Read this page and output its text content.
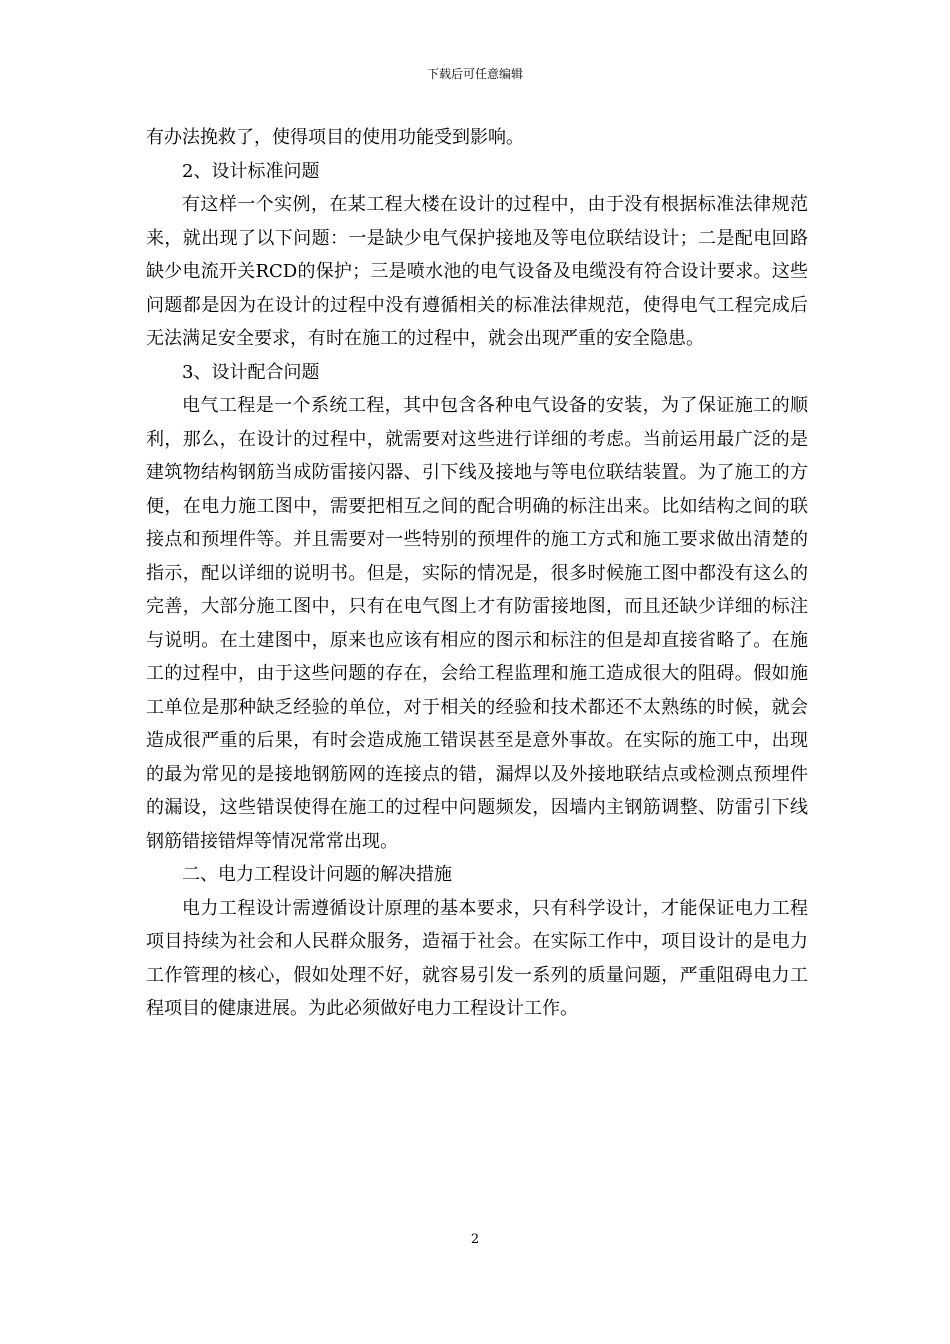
下载后可任意编辑

有办法挽救了，使得项目的使用功能受到影响。

2、设计标准问题

有这样一个实例，在某工程大楼在设计的过程中，由于没有根据标准法律规范来，就出现了以下问题：一是缺少电气保护接地及等电位联结设计；二是配电回路缺少电流开关RCD的保护；三是喷水池的电气设备及电缆没有符合设计要求。这些问题都是因为在设计的过程中没有遵循相关的标准法律规范，使得电气工程完成后无法满足安全要求，有时在施工的过程中，就会出现严重的安全隐患。

3、设计配合问题

电气工程是一个系统工程，其中包含各种电气设备的安装，为了保证施工的顺利，那么，在设计的过程中，就需要对这些进行详细的考虑。当前运用最广泛的是建筑物结构钢筋当成防雷接闪器、引下线及接地与等电位联结装置。为了施工的方便，在电力施工图中，需要把相互之间的配合明确的标注出来。比如结构之间的联接点和预埋件等。并且需要对一些特别的预埋件的施工方式和施工要求做出清楚的指示，配以详细的说明书。但是，实际的情况是，很多时候施工图中都没有这么的完善，大部分施工图中，只有在电气图上才有防雷接地图，而且还缺少详细的标注与说明。在土建图中，原来也应该有相应的图示和标注的但是却直接省略了。在施工的过程中，由于这些问题的存在，会给工程监理和施工造成很大的阻碍。假如施工单位是那种缺乏经验的单位，对于相关的经验和技术都还不太熟练的时候，就会造成很严重的后果，有时会造成施工错误甚至是意外事故。在实际的施工中，出现的最为常见的是接地钢筋网的连接点的错，漏焊以及外接地联结点或检测点预埋件的漏设，这些错误使得在施工的过程中问题频发，因墙内主钢筋调整、防雷引下线钢筋错接错焊等情况常常出现。

二、电力工程设计问题的解决措施

电力工程设计需遵循设计原理的基本要求，只有科学设计，才能保证电力工程项目持续为社会和人民群众服务，造福于社会。在实际工作中，项目设计的是电力工作管理的核心，假如处理不好，就容易引发一系列的质量问题，严重阻碍电力工程项目的健康进展。为此必须做好电力工程设计工作。

2
